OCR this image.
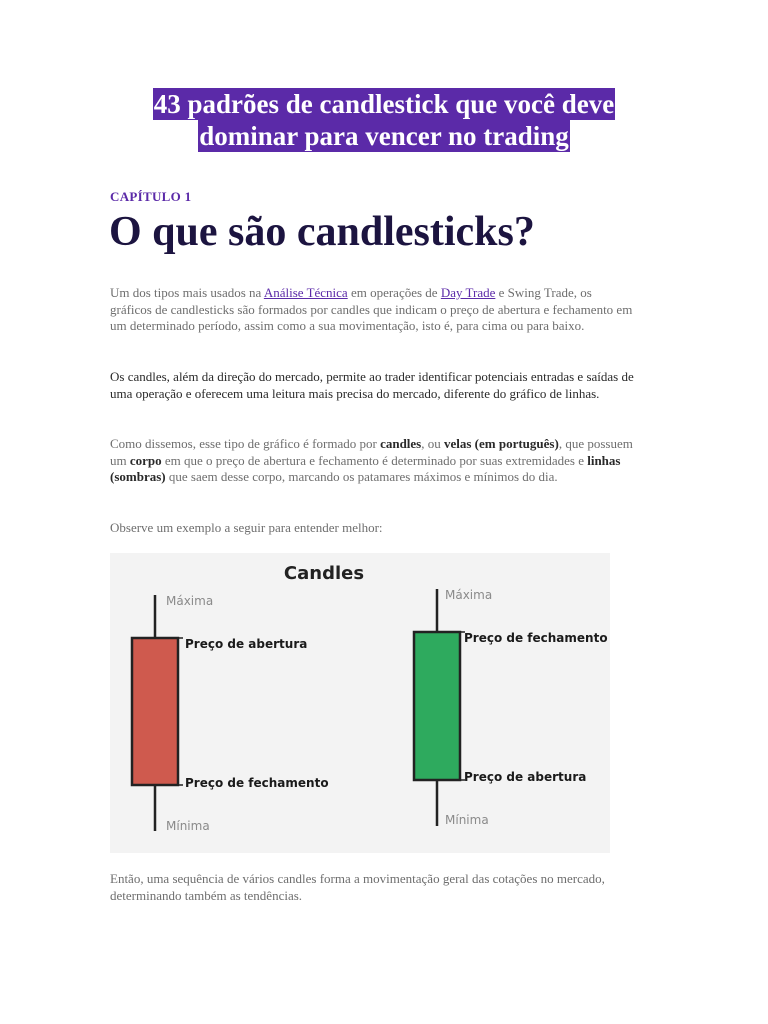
43 padrões de candlestick que você deve
dominar para vencer no trading
CAPÍTULO 1
O que são candlesticks?

Um dos tipos mais usados na Análise Técnica em operações de Day Trade e Swing Trade, os gráficos de candlesticks são formados por candles que indicam o preço de abertura e fechamento em um determinado período, assim como a sua movimentação, isto é, para cima ou para baixo.

Os candles, além da direção do mercado, permite ao trader identificar potenciais entradas e saídas de uma operação e oferecem uma leitura mais precisa do mercado, diferente do gráfico de linhas.

Como dissemos, esse tipo de gráfico é formado por candles, ou velas (em português), que possuem um corpo em que o preço de abertura e fechamento é determinado por suas extremidades e linhas (sombras) que saem desse corpo, marcando os patamares máximos e mínimos do dia.

Observe um exemplo a seguir para entender melhor:

Candles
Máxima
Preço de abertura
Preço de fechamento
Mínima
Máxima
Preço de fechamento
Preço de abertura
Mínima

Então, uma sequência de vários candles forma a movimentação geral das cotações no mercado, determinando também as tendências.
